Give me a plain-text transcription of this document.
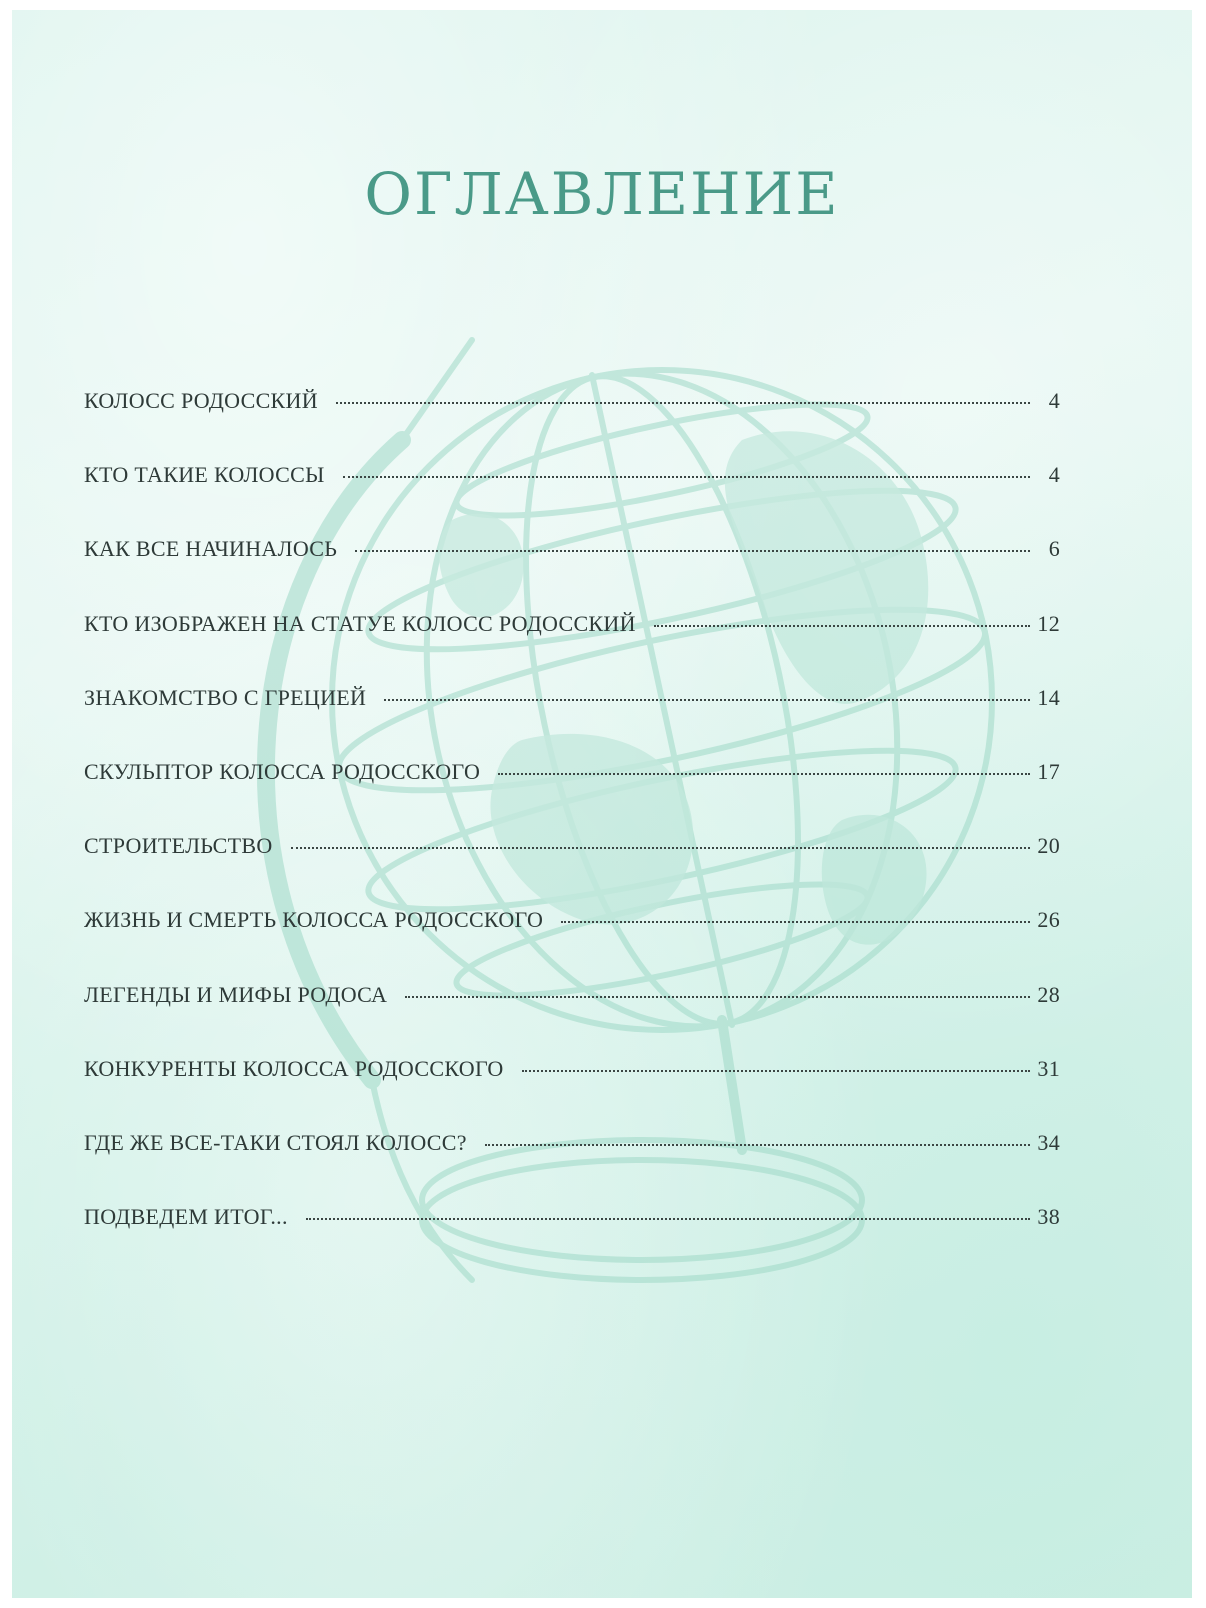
ОГЛАВЛЕНИЕ
КОЛОСС РОДОССКИЙ	4
КТО ТАКИЕ КОЛОССЫ	4
КАК ВСЕ НАЧИНАЛОСЬ	6
КТО ИЗОБРАЖЕН НА СТАТУЕ КОЛОСС РОДОССКИЙ	12
ЗНАКОМСТВО С ГРЕЦИЕЙ	14
СКУЛЬПТОР КОЛОССА РОДОССКОГО	17
СТРОИТЕЛЬСТВО	20
ЖИЗНЬ И СМЕРТЬ КОЛОССА РОДОССКОГО	26
ЛЕГЕНДЫ И МИФЫ РОДОСА	28
КОНКУРЕНТЫ КОЛОССА РОДОССКОГО	31
ГДЕ ЖЕ ВСЕ-ТАКИ СТОЯЛ КОЛОСС?	34
ПОДВЕДЕМ ИТОГ...	38
